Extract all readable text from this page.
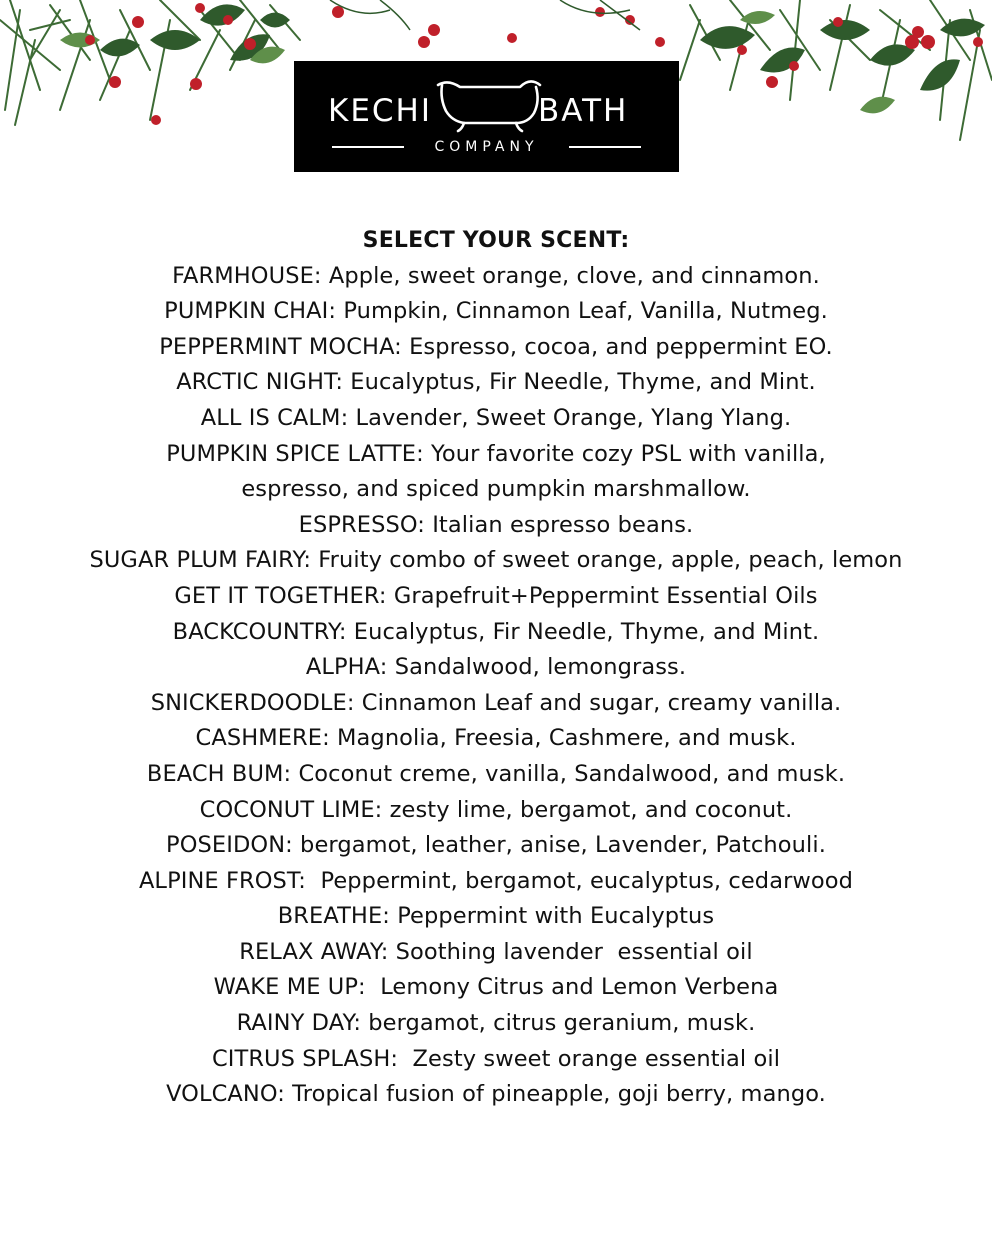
KECHI	BATH
COMPANY

SELECT YOUR SCENT:

FARMHOUSE: Apple, sweet orange, clove, and cinnamon.

PUMPKIN CHAI: Pumpkin, Cinnamon Leaf, Vanilla, Nutmeg.

PEPPERMINT MOCHA: Espresso, cocoa, and peppermint EO.

ARCTIC NIGHT: Eucalyptus, Fir Needle, Thyme, and Mint.

ALL IS CALM: Lavender, Sweet Orange, Ylang Ylang.

PUMPKIN SPICE LATTE: Your favorite cozy PSL with vanilla,

espresso, and spiced pumpkin marshmallow.

ESPRESSO: Italian espresso beans.

SUGAR PLUM FAIRY: Fruity combo of sweet orange, apple, peach, lemon

GET IT TOGETHER: Grapefruit+Peppermint Essential Oils

BACKCOUNTRY: Eucalyptus, Fir Needle, Thyme, and Mint.

ALPHA: Sandalwood, lemongrass.

SNICKERDOODLE: Cinnamon Leaf and sugar, creamy vanilla.

CASHMERE: Magnolia, Freesia, Cashmere, and musk.

BEACH BUM: Coconut creme, vanilla, Sandalwood, and musk.

COCONUT LIME: zesty lime, bergamot, and coconut.

POSEIDON: bergamot, leather, anise, Lavender, Patchouli.

ALPINE FROST:  Peppermint, bergamot, eucalyptus, cedarwood

BREATHE: Peppermint with Eucalyptus

RELAX AWAY: Soothing lavender  essential oil

WAKE ME UP:  Lemony Citrus and Lemon Verbena

RAINY DAY: bergamot, citrus geranium, musk.

CITRUS SPLASH:  Zesty sweet orange essential oil

VOLCANO: Tropical fusion of pineapple, goji berry, mango.
